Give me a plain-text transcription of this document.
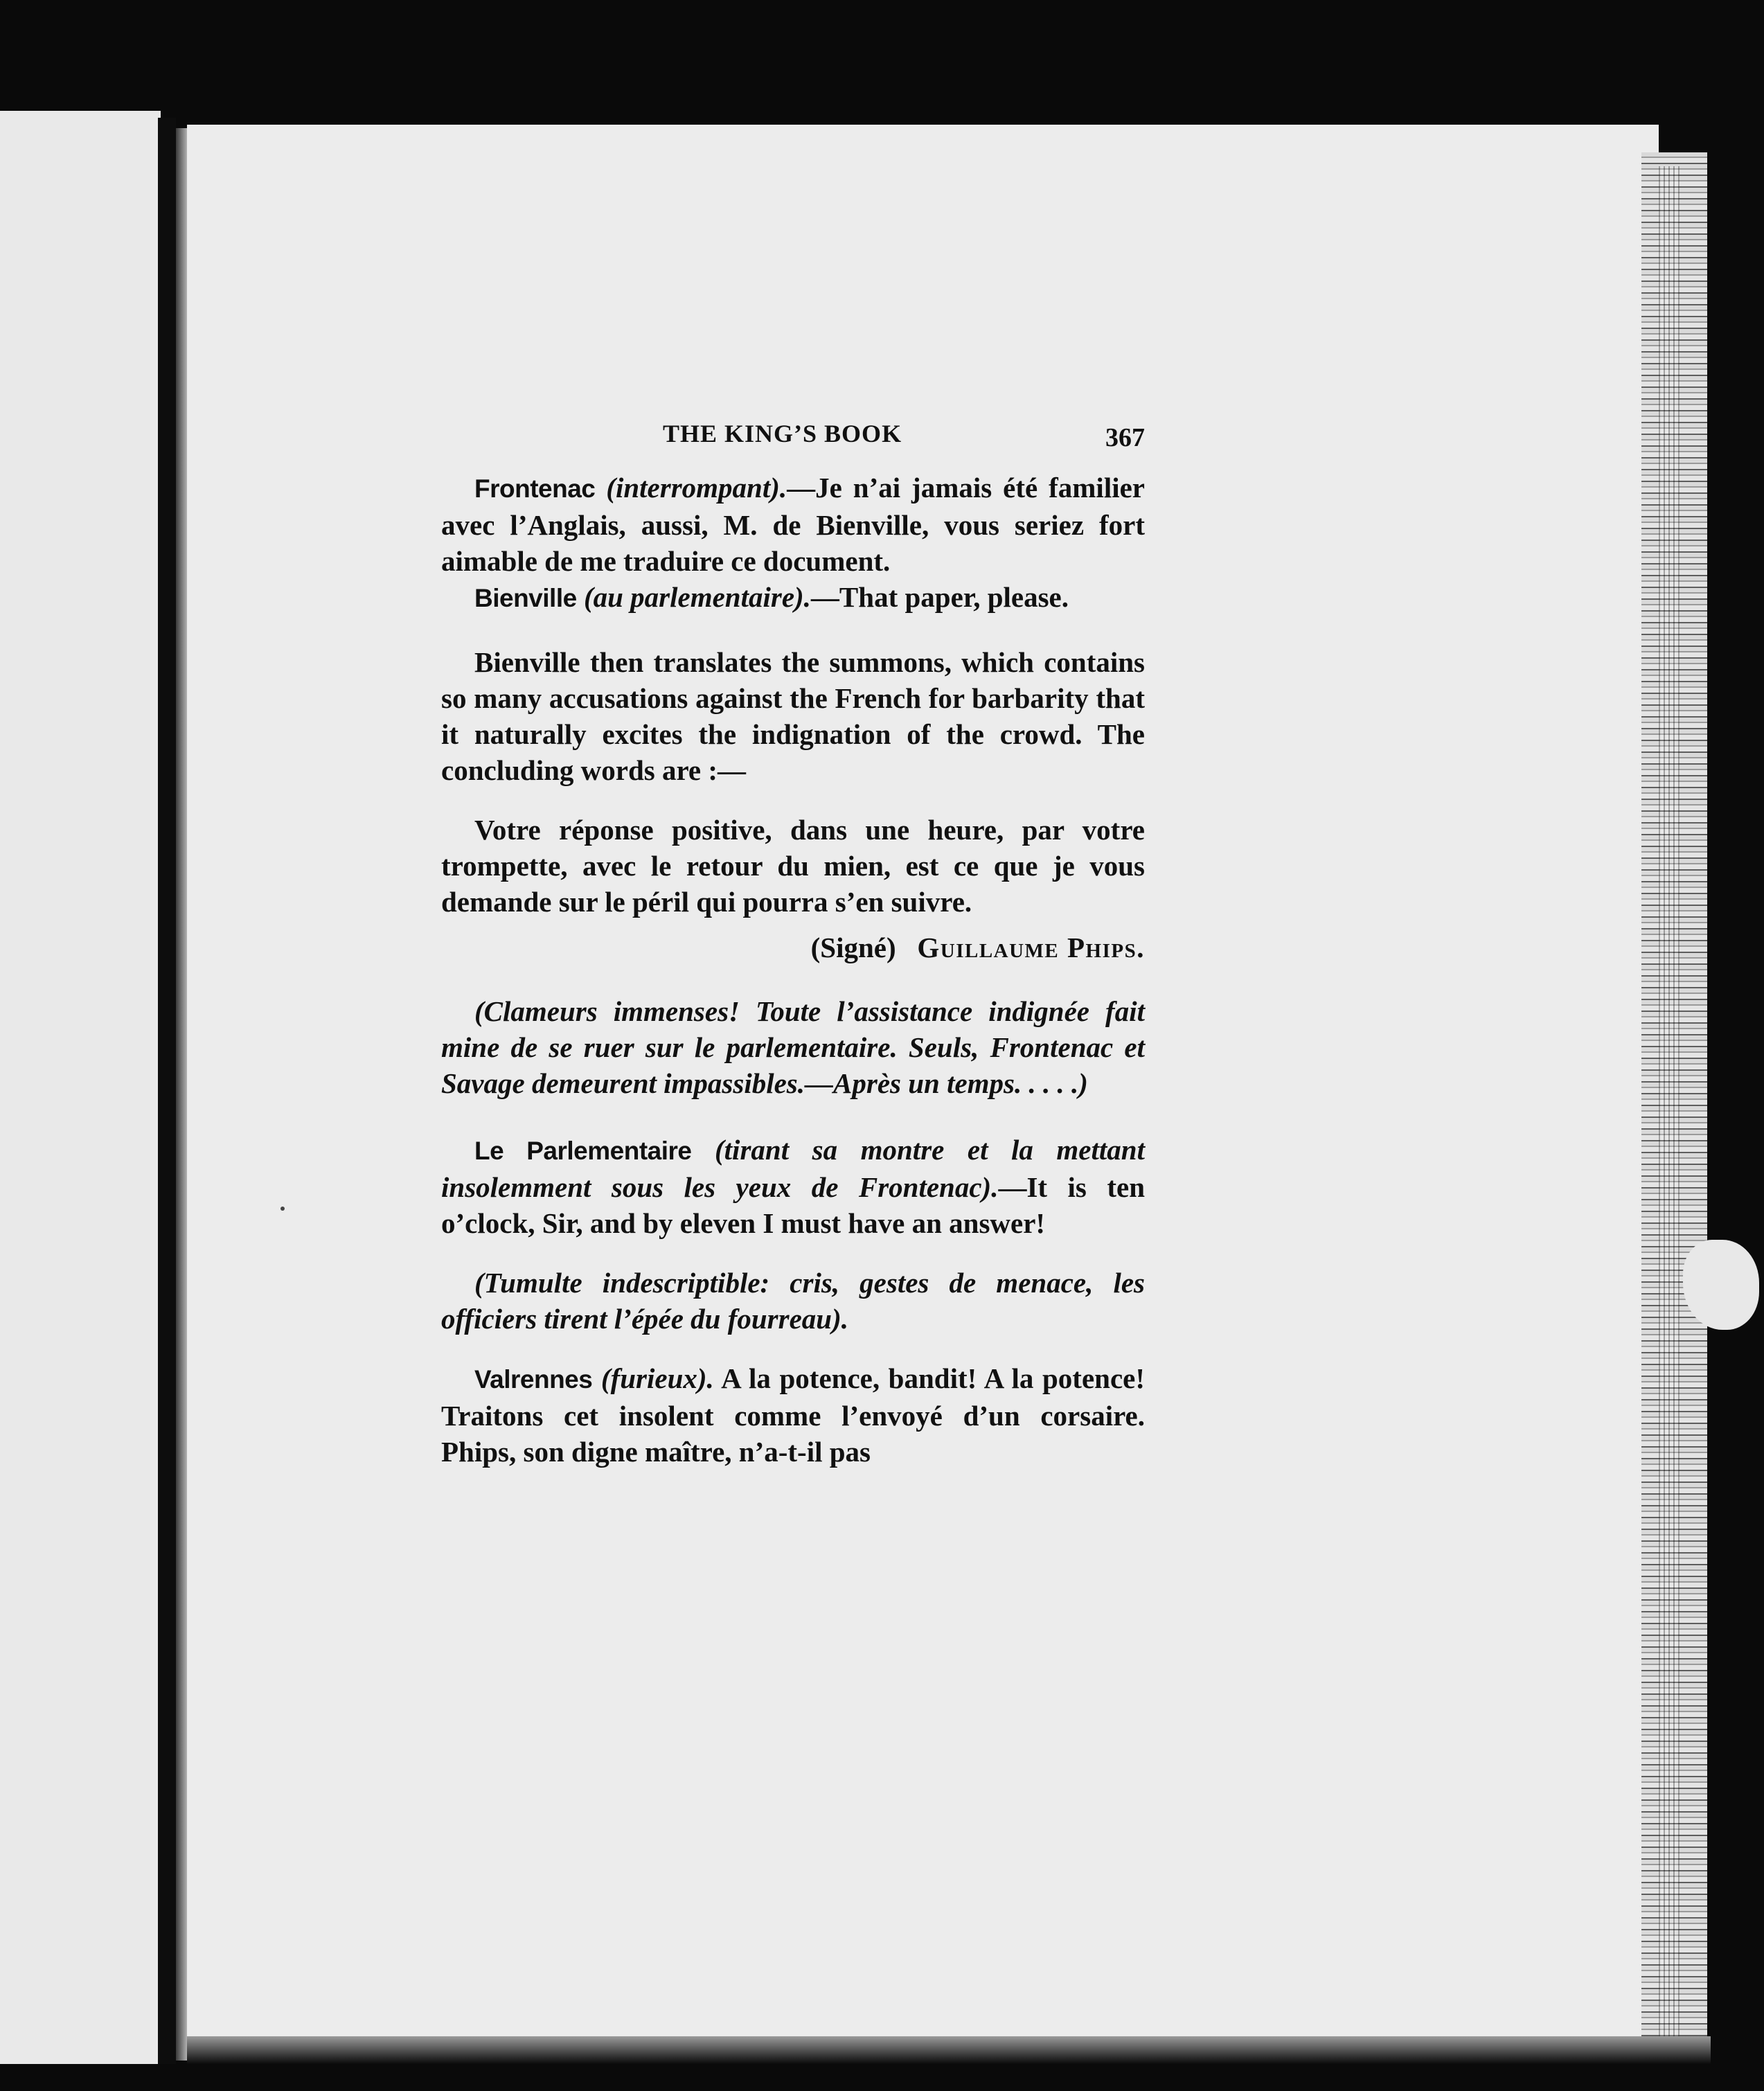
THE KING’S BOOK	367

Frontenac (interrompant).—Je n’ai jamais été familier avec l’Anglais, aussi, M. de Bienville, vous seriez fort aimable de me traduire ce document.

Bienville (au parlementaire).—That paper, please.

Bienville then translates the summons, which contains so many accusations against the French for barbarity that it naturally excites the indignation of the crowd. The concluding words are :—

Votre réponse positive, dans une heure, par votre trompette, avec le retour du mien, est ce que je vous demande sur le péril qui pourra s’en suivre.

(Signé) Guillaume Phips.

(Clameurs immenses! Toute l’assistance indignée fait mine de se ruer sur le parlementaire. Seuls, Frontenac et Savage demeurent impassibles.—Après un temps. . . . .)

Le Parlementaire (tirant sa montre et la mettant insolemment sous les yeux de Frontenac).—It is ten o’clock, Sir, and by eleven I must have an answer!

(Tumulte indescriptible: cris, gestes de menace, les officiers tirent l’épée du fourreau).

Valrennes (furieux). A la potence, bandit! A la potence! Traitons cet insolent comme l’envoyé d’un corsaire. Phips, son digne maître, n’a-t-il pas
